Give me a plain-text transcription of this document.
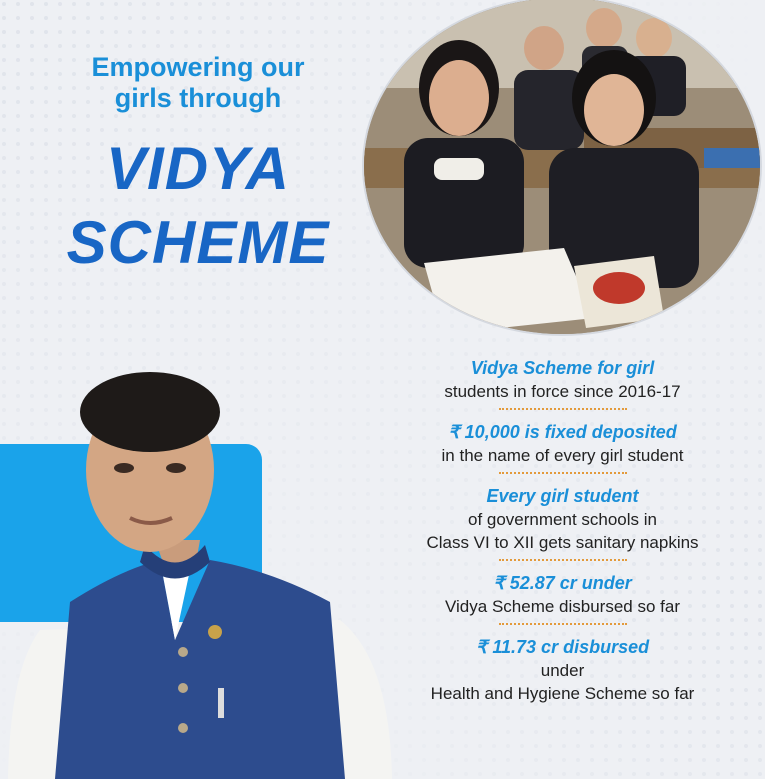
Empowering our
girls through
VIDYA
SCHEME
Vidya Scheme for girl
students in force since 2016-17
₹ 10,000 is fixed deposited
in the name of every girl student
Every girl student
of government schools in
Class VI to XII gets sanitary napkins
₹ 52.87 cr under
Vidya Scheme disbursed so far
₹ 11.73 cr disbursed
under
Health and Hygiene Scheme so far
